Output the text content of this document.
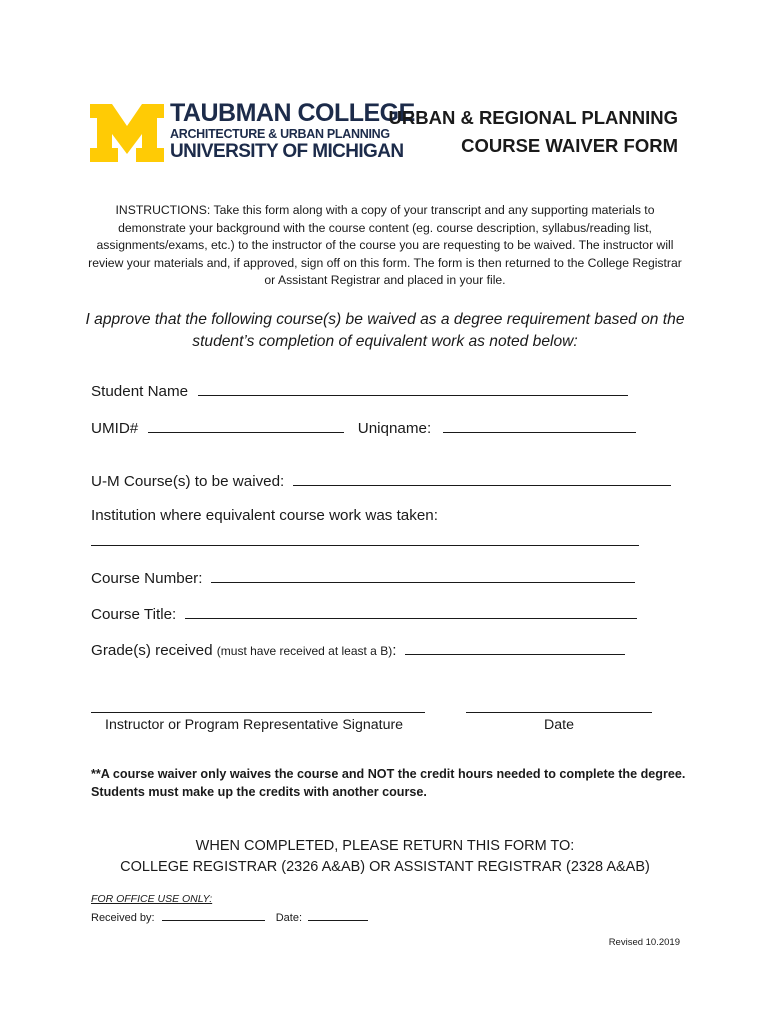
TAUBMAN COLLEGE
ARCHITECTURE & URBAN PLANNING
UNIVERSITY OF MICHIGAN
URBAN & REGIONAL PLANNING
COURSE WAIVER FORM
INSTRUCTIONS: Take this form along with a copy of your transcript and any supporting materials to demonstrate your background with the course content (eg. course description, syllabus/reading list, assignments/exams, etc.) to the instructor of the course you are requesting to be waived. The instructor will review your materials and, if approved, sign off on this form. The form is then returned to the College Registrar or Assistant Registrar and placed in your file.
I approve that the following course(s) be waived as a degree requirement based on the student’s completion of equivalent work as noted below:
Student Name
UMID#	Uniqname:
U-M Course(s) to be waived:
Institution where equivalent course work was taken:
Course Number:
Course Title:
Grade(s) received (must have received at least a B):
Instructor or Program Representative Signature	Date
**A course waiver only waives the course and NOT the credit hours needed to complete the degree. Students must make up the credits with another course.
WHEN COMPLETED, PLEASE RETURN THIS FORM TO:
COLLEGE REGISTRAR (2326 A&AB) OR ASSISTANT REGISTRAR (2328 A&AB)
FOR OFFICE USE ONLY:
Received by:	Date:
Revised 10.2019
